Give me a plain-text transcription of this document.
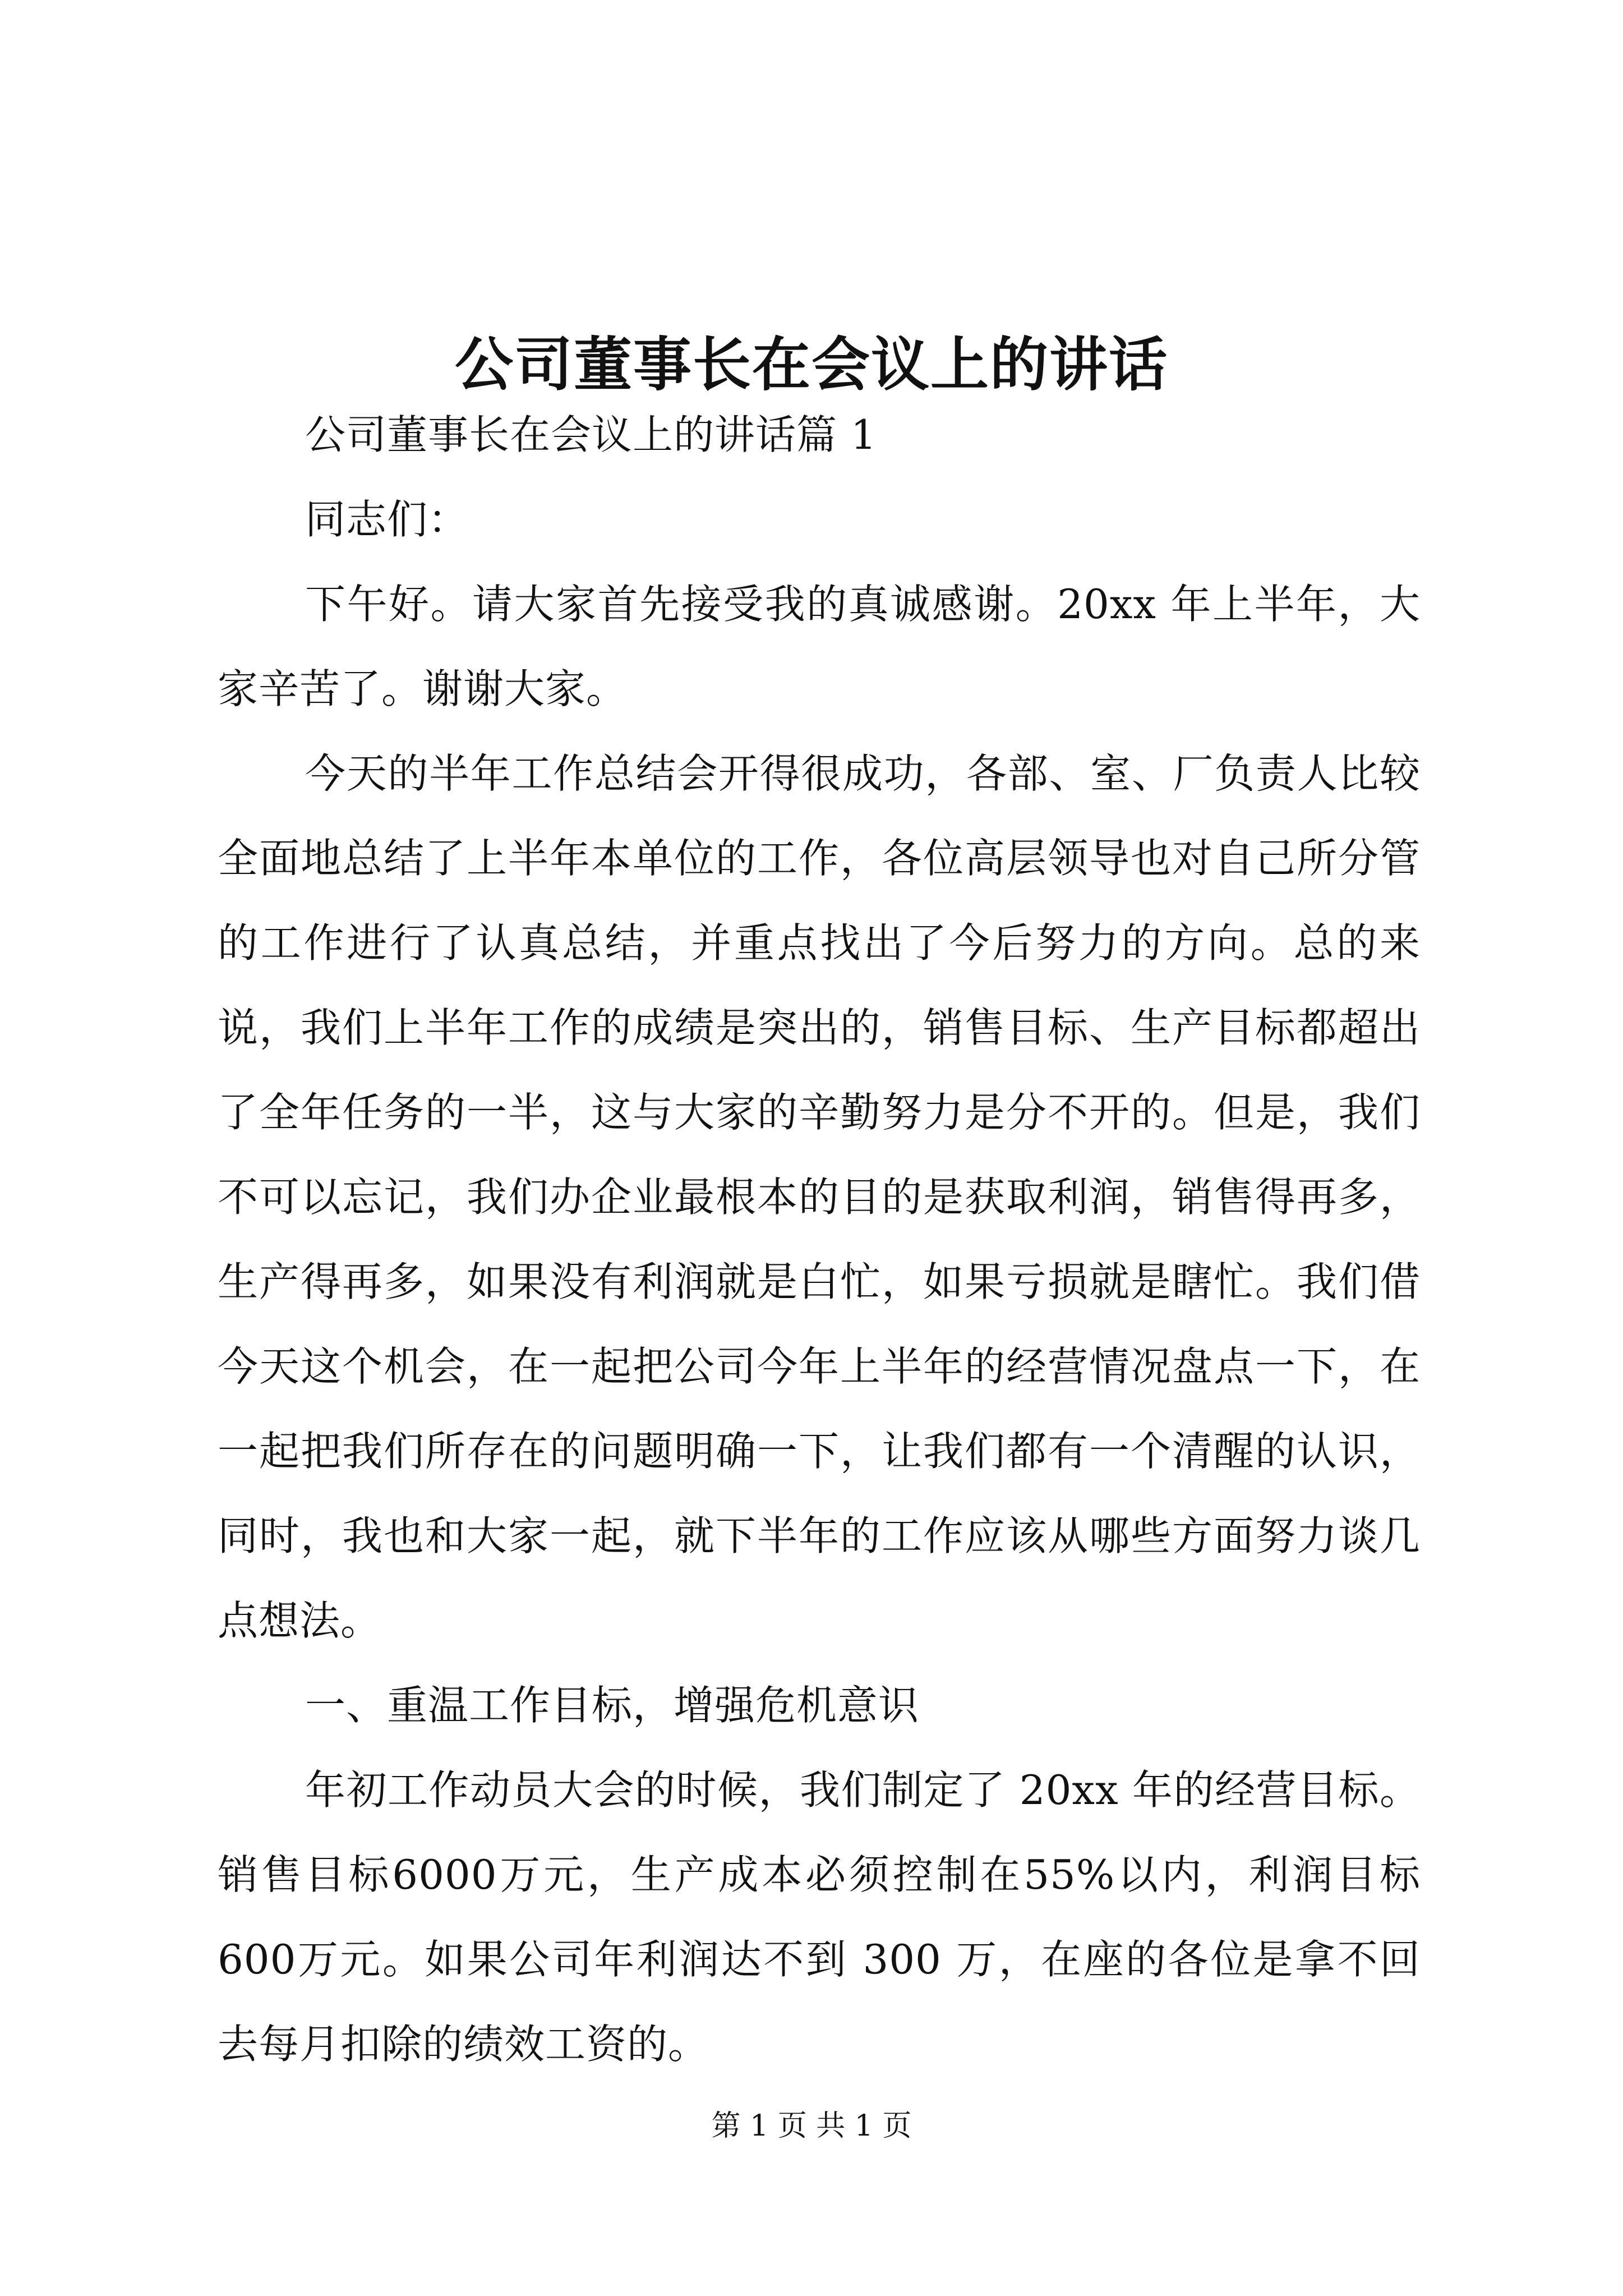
公司董事长在会议上的讲话

公司董事长在会议上的讲话篇 1

同志们：

下午好。请大家首先接受我的真诚感谢。20xx 年上半年，大家辛苦了。谢谢大家。

今天的半年工作总结会开得很成功，各部、室、厂负责人比较全面地总结了上半年本单位的工作，各位高层领导也对自己所分管的工作进行了认真总结，并重点找出了今后努力的方向。总的来说，我们上半年工作的成绩是突出的，销售目标、生产目标都超出了全年任务的一半，这与大家的辛勤努力是分不开的。但是，我们不可以忘记，我们办企业最根本的目的是获取利润，销售得再多，生产得再多，如果没有利润就是白忙，如果亏损就是瞎忙。我们借今天这个机会，在一起把公司今年上半年的经营情况盘点一下，在一起把我们所存在的问题明确一下，让我们都有一个清醒的认识，同时，我也和大家一起，就下半年的工作应该从哪些方面努力谈几点想法。

一、重温工作目标，增强危机意识

年初工作动员大会的时候，我们制定了 20xx 年的经营目标。销售目标6000万元，生产成本必须控制在55%以内，利润目标600万元。如果公司年利润达不到 300 万，在座的各位是拿不回去每月扣除的绩效工资的。

第 1 页 共 1 页
